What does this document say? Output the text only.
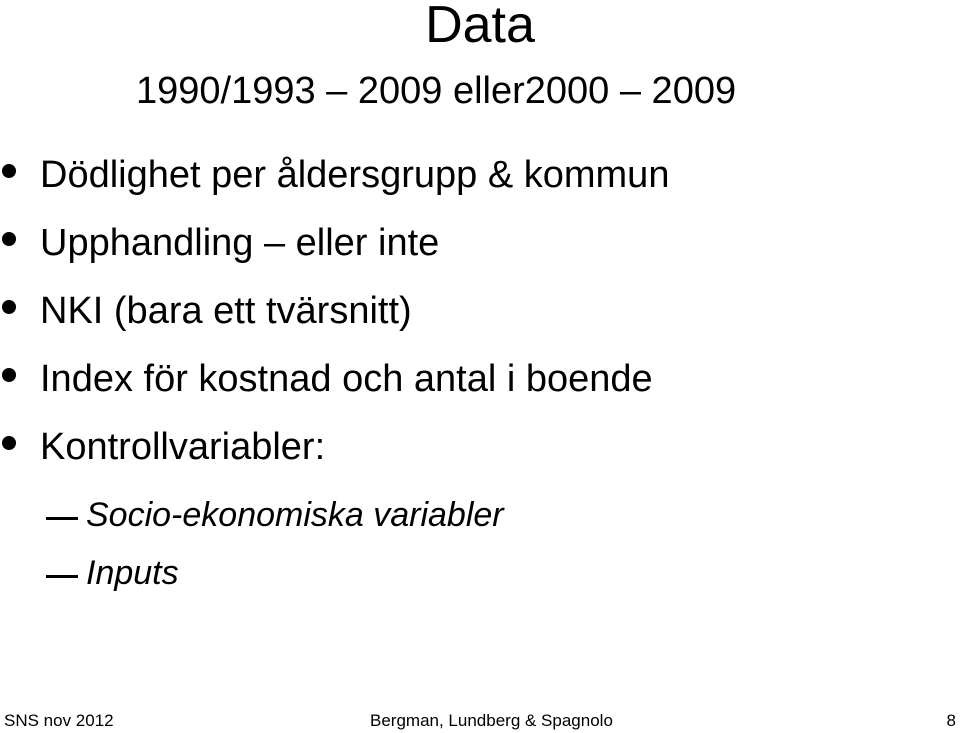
Data
1990/1993 – 2009 eller2000 – 2009
Dödlighet per åldersgrupp & kommun
Upphandling – eller inte
NKI (bara ett tvärsnitt)
Index för kostnad och antal i boende
Kontrollvariabler:
Socio-ekonomiska variabler
Inputs
SNS nov 2012	Bergman, Lundberg & Spagnolo	8
